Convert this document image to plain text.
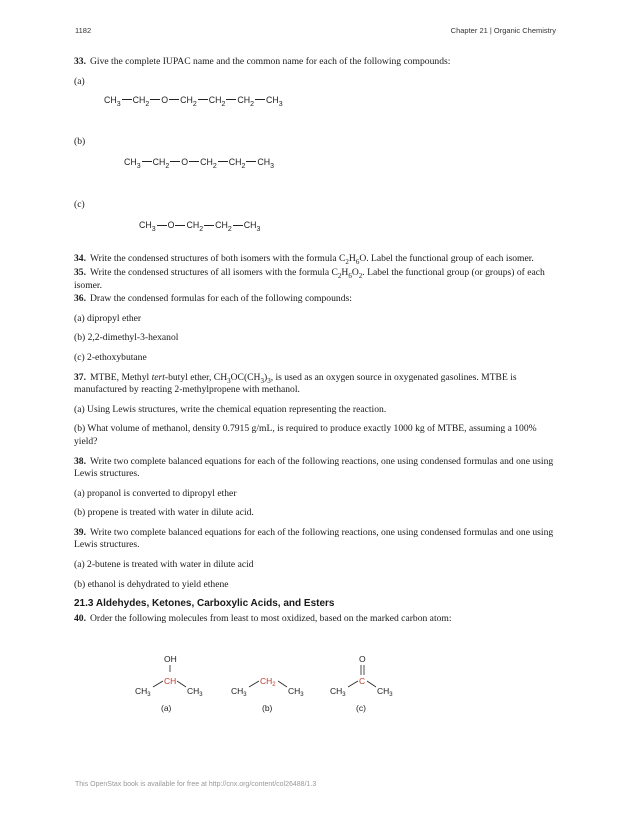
1182	Chapter 21 | Organic Chemistry

33. Give the complete IUPAC name and the common name for each of the following compounds:

(a)

$CH_3$ $CH_2$ O $CH_2$ $CH_2$ $CH_2$ $CH_3$

(b)

$CH_3$ $CH_2$ O $CH_2$ $CH_2$ $CH_3$

(c)

$CH_3$ O $CH_2$ $CH_2$ $CH_3$

34. Write the condensed structures of both isomers with the formula $C_2H_6O$. Label the functional group of each isomer.

35. Write the condensed structures of all isomers with the formula $C_2H_6O_2$. Label the functional group (or groups) of each isomer.

36. Draw the condensed formulas for each of the following compounds:

(a) dipropyl ether

(b) 2,2-dimethyl-3-hexanol

(c) 2-ethoxybutane

37. MTBE, Methyl tert-butyl ether, $CH_3OC(CH_3)_3$, is used as an oxygen source in oxygenated gasolines. MTBE is manufactured by reacting 2-methylpropene with methanol.

(a) Using Lewis structures, write the chemical equation representing the reaction.

(b) What volume of methanol, density 0.7915 g/mL, is required to produce exactly 1000 kg of MTBE, assuming a 100% yield?

38. Write two complete balanced equations for each of the following reactions, one using condensed formulas and one using Lewis structures.

(a) propanol is converted to dipropyl ether

(b) propene is treated with water in dilute acid.

39. Write two complete balanced equations for each of the following reactions, one using condensed formulas and one using Lewis structures.

(a) 2-butene is treated with water in dilute acid

(b) ethanol is dehydrated to yield ethene

21.3 Aldehydes, Ketones, Carboxylic Acids, and Esters

40. Order the following molecules from least to most oxidized, based on the marked carbon atom:

OH
CH
$CH_3$	$CH_3$
(a)
$CH_3$
$CH_2$
$CH_3$
(b)
O
C
$CH_3$	$CH_3$
(c)
This OpenStax book is available for free at http://cnx.org/content/col26488/1.3
